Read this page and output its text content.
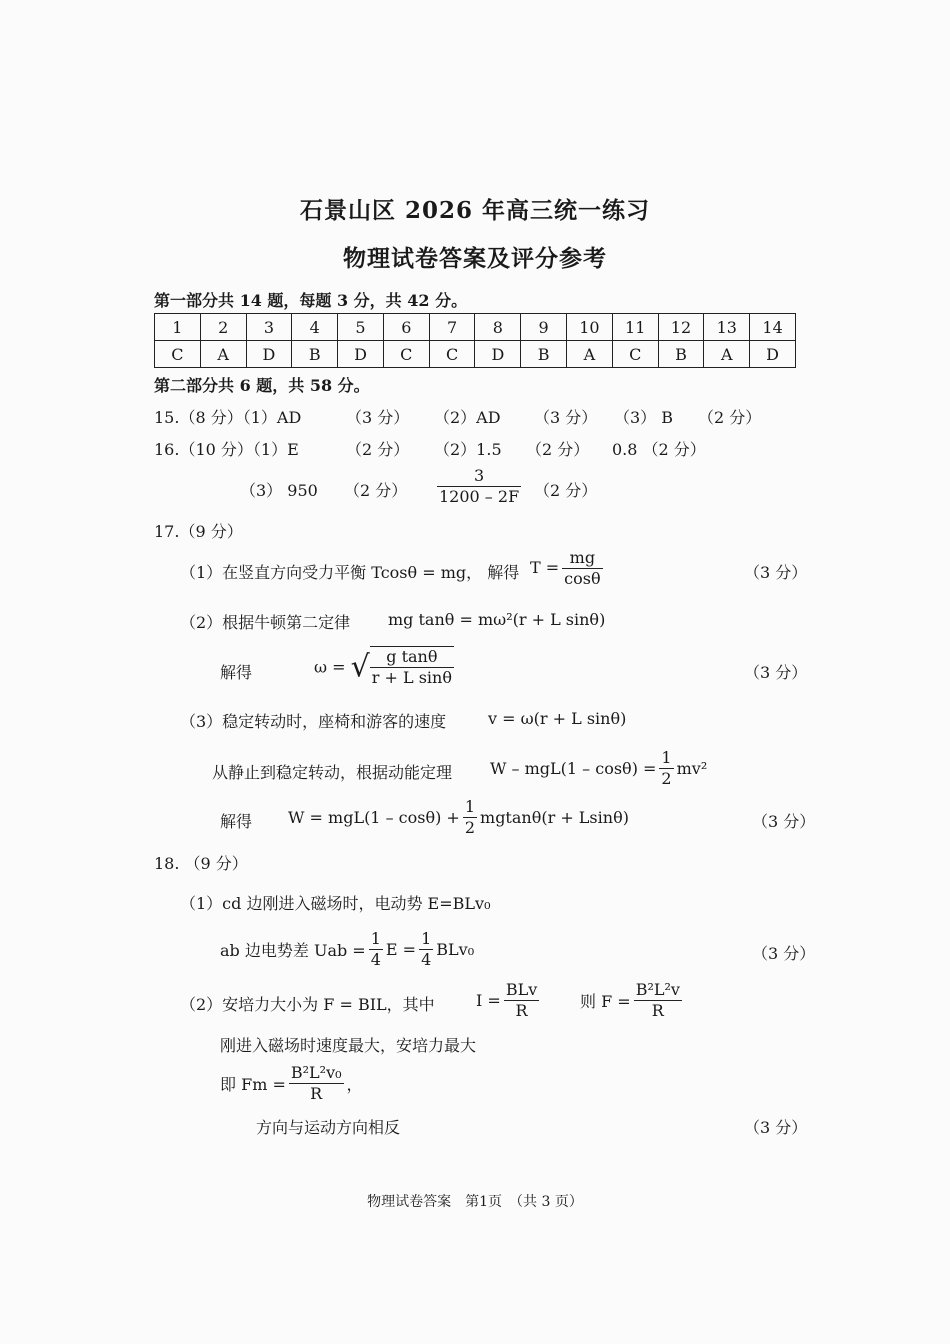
石景山区 2026 年高三统一练习
物理试卷答案及评分参考
第一部分共 14 题，每题 3 分，共 42 分。
1	2	3	4	5	6	7	8	9	10	11	12	13	14
C	A	D	B	D	C	C	D	B	A	C	B	A	D
第二部分共 6 题，共 58 分。
15.（8 分）（1）AD	（3 分） （2）AD （3 分） （3） B （2 分）
16.（10 分）（1）E	（2 分） （2）1.5 （2 分） 0.8 （2 分）
（3） 950 （2 分） $\frac{3}{1200 - 2F} (2$ 分）
17.（9 分）
（1）在竖直方向受力平衡 Tcosθ = mg， 解得 $T = \frac{mg}{\cos\theta}$	（3 分）
（2）根据牛顿第二定律 mg tanθ = mω²(r + L sinθ)
解得	ω = √ $\frac{\text{g tanθ}}{\text{r + L sinθ}}$	（3 分）
（3）稳定转动时，座椅和游客的速度	v = ω(r + L sinθ)
从静止到稳定转动，根据动能定理 $W - mgL(1 - \cos\theta) = \frac{1}{2} mv^2$
解得 $W = mgL(1 - \cos\theta) + \frac{1}{2} mgtan\theta(r + Lsin\theta)$	（3 分）
18. （9 分）
（1）cd 边刚进入磁场时，电动势 E=BLv₀
ab 边电势差 Uab = $\frac{1}{4}$ $E = \frac{1}{4} BLv_0$	（3 分）
（2）安培力大小为 F = BIL，其中	$I = \frac{\text{BLv}}{R}$	则 $F = \frac{\text{B²L²v}}{R}$
刚进入磁场时速度最大，安培力最大
即 $Fm = \frac{\text{B²L²v₀}}{R}$ ，
方向与运动方向相反	（3 分）
物理试卷答案　第1页　（共 3 页）
